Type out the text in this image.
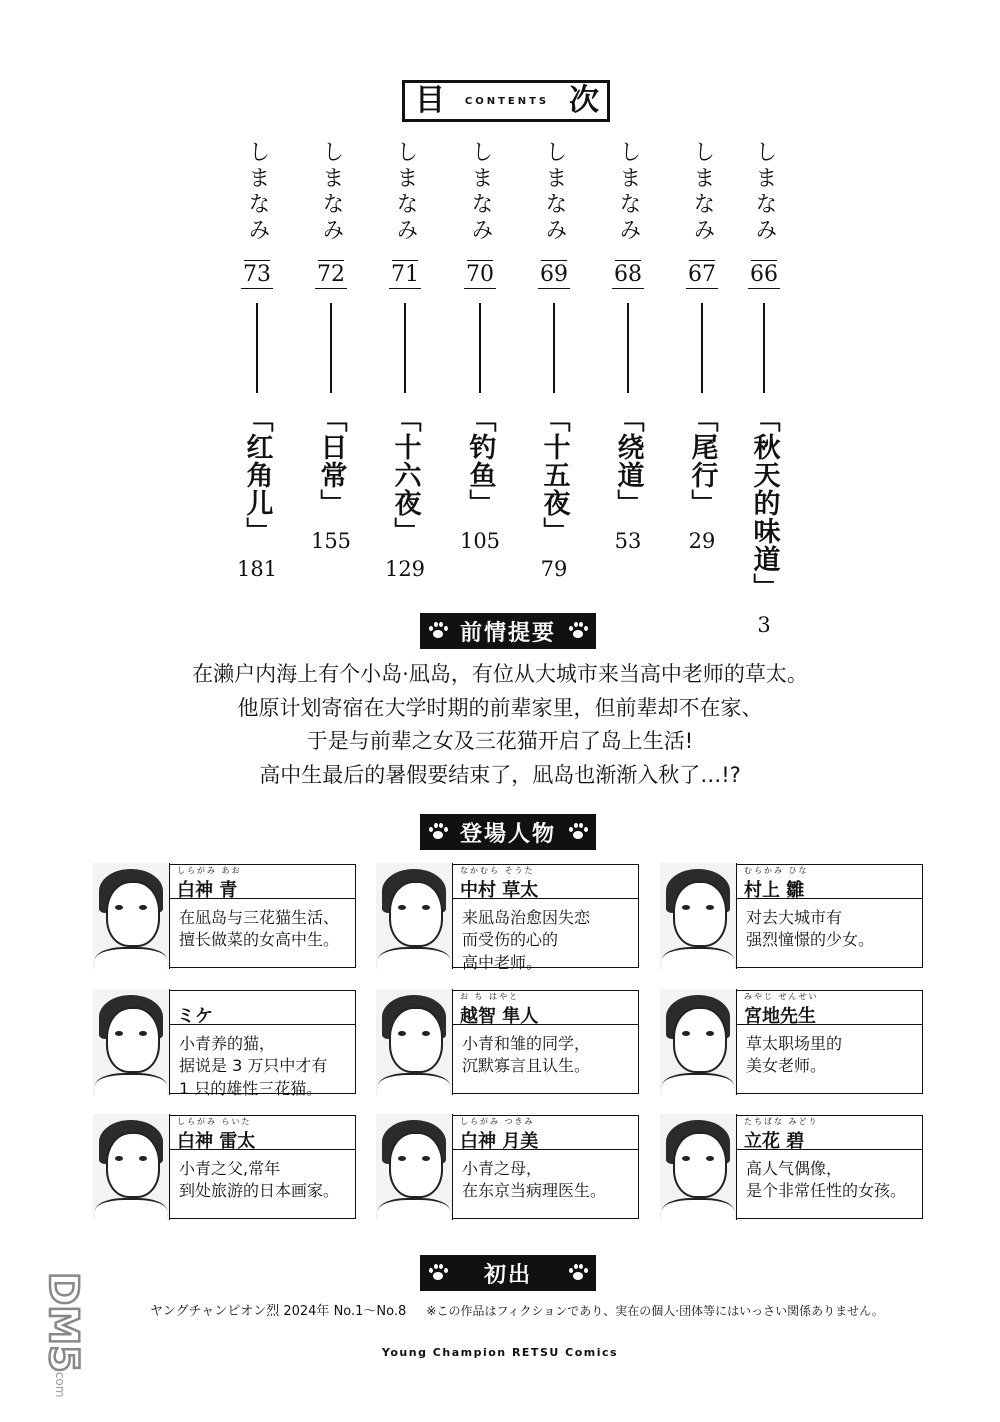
目 CONTENTS 次
しまなみ
73
「红角儿」
181
しまなみ
72
「日常」
155
しまなみ
71
「十六夜」
129
しまなみ
70
「钓鱼」
105
しまなみ
69
「十五夜」
79
しまなみ
68
「绕道」
53
しまなみ
67
「尾行」
29
しまなみ
66
「秋天的味道」
3
前情提要
在濑户内海上有个小岛·凪岛，有位从大城市来当高中老师的草太。
他原计划寄宿在大学时期的前辈家里，但前辈却不在家、
于是与前辈之女及三花猫开启了岛上生活!
高中生最后的暑假要结束了，凪岛也渐渐入秋了…!?
登場人物
しらがみ あお
白神 青
在凪岛与三花猫生活、
擅长做菜的女高中生。
なかむら そうた
中村 草太
来凪岛治愈因失恋
而受伤的心的
高中老师。
むらかみ ひな
村上 雛
对去大城市有
强烈憧憬的少女。
ミケ
小青养的猫，
据说是 3 万只中才有
1 只的雄性三花猫。
お ち はやと
越智 隼人
小青和雏的同学，
沉默寡言且认生。
みやじ せんせい
宮地先生
草太职场里的
美女老师。
しらがみ らいた
白神 雷太
小青之父,常年
到处旅游的日本画家。
しらがみ つきみ
白神 月美
小青之母，
在东京当病理医生。
たちばな みどり
立花 碧
高人气偶像，
是个非常任性的女孩。
初出
ヤングチャンピオン烈 2024年 No.1～No.8 ※この作品はフィクションであり、実在の個人·団体等にはいっさい関係ありません。
Young Champion RETSU Comics
DM5
.com
